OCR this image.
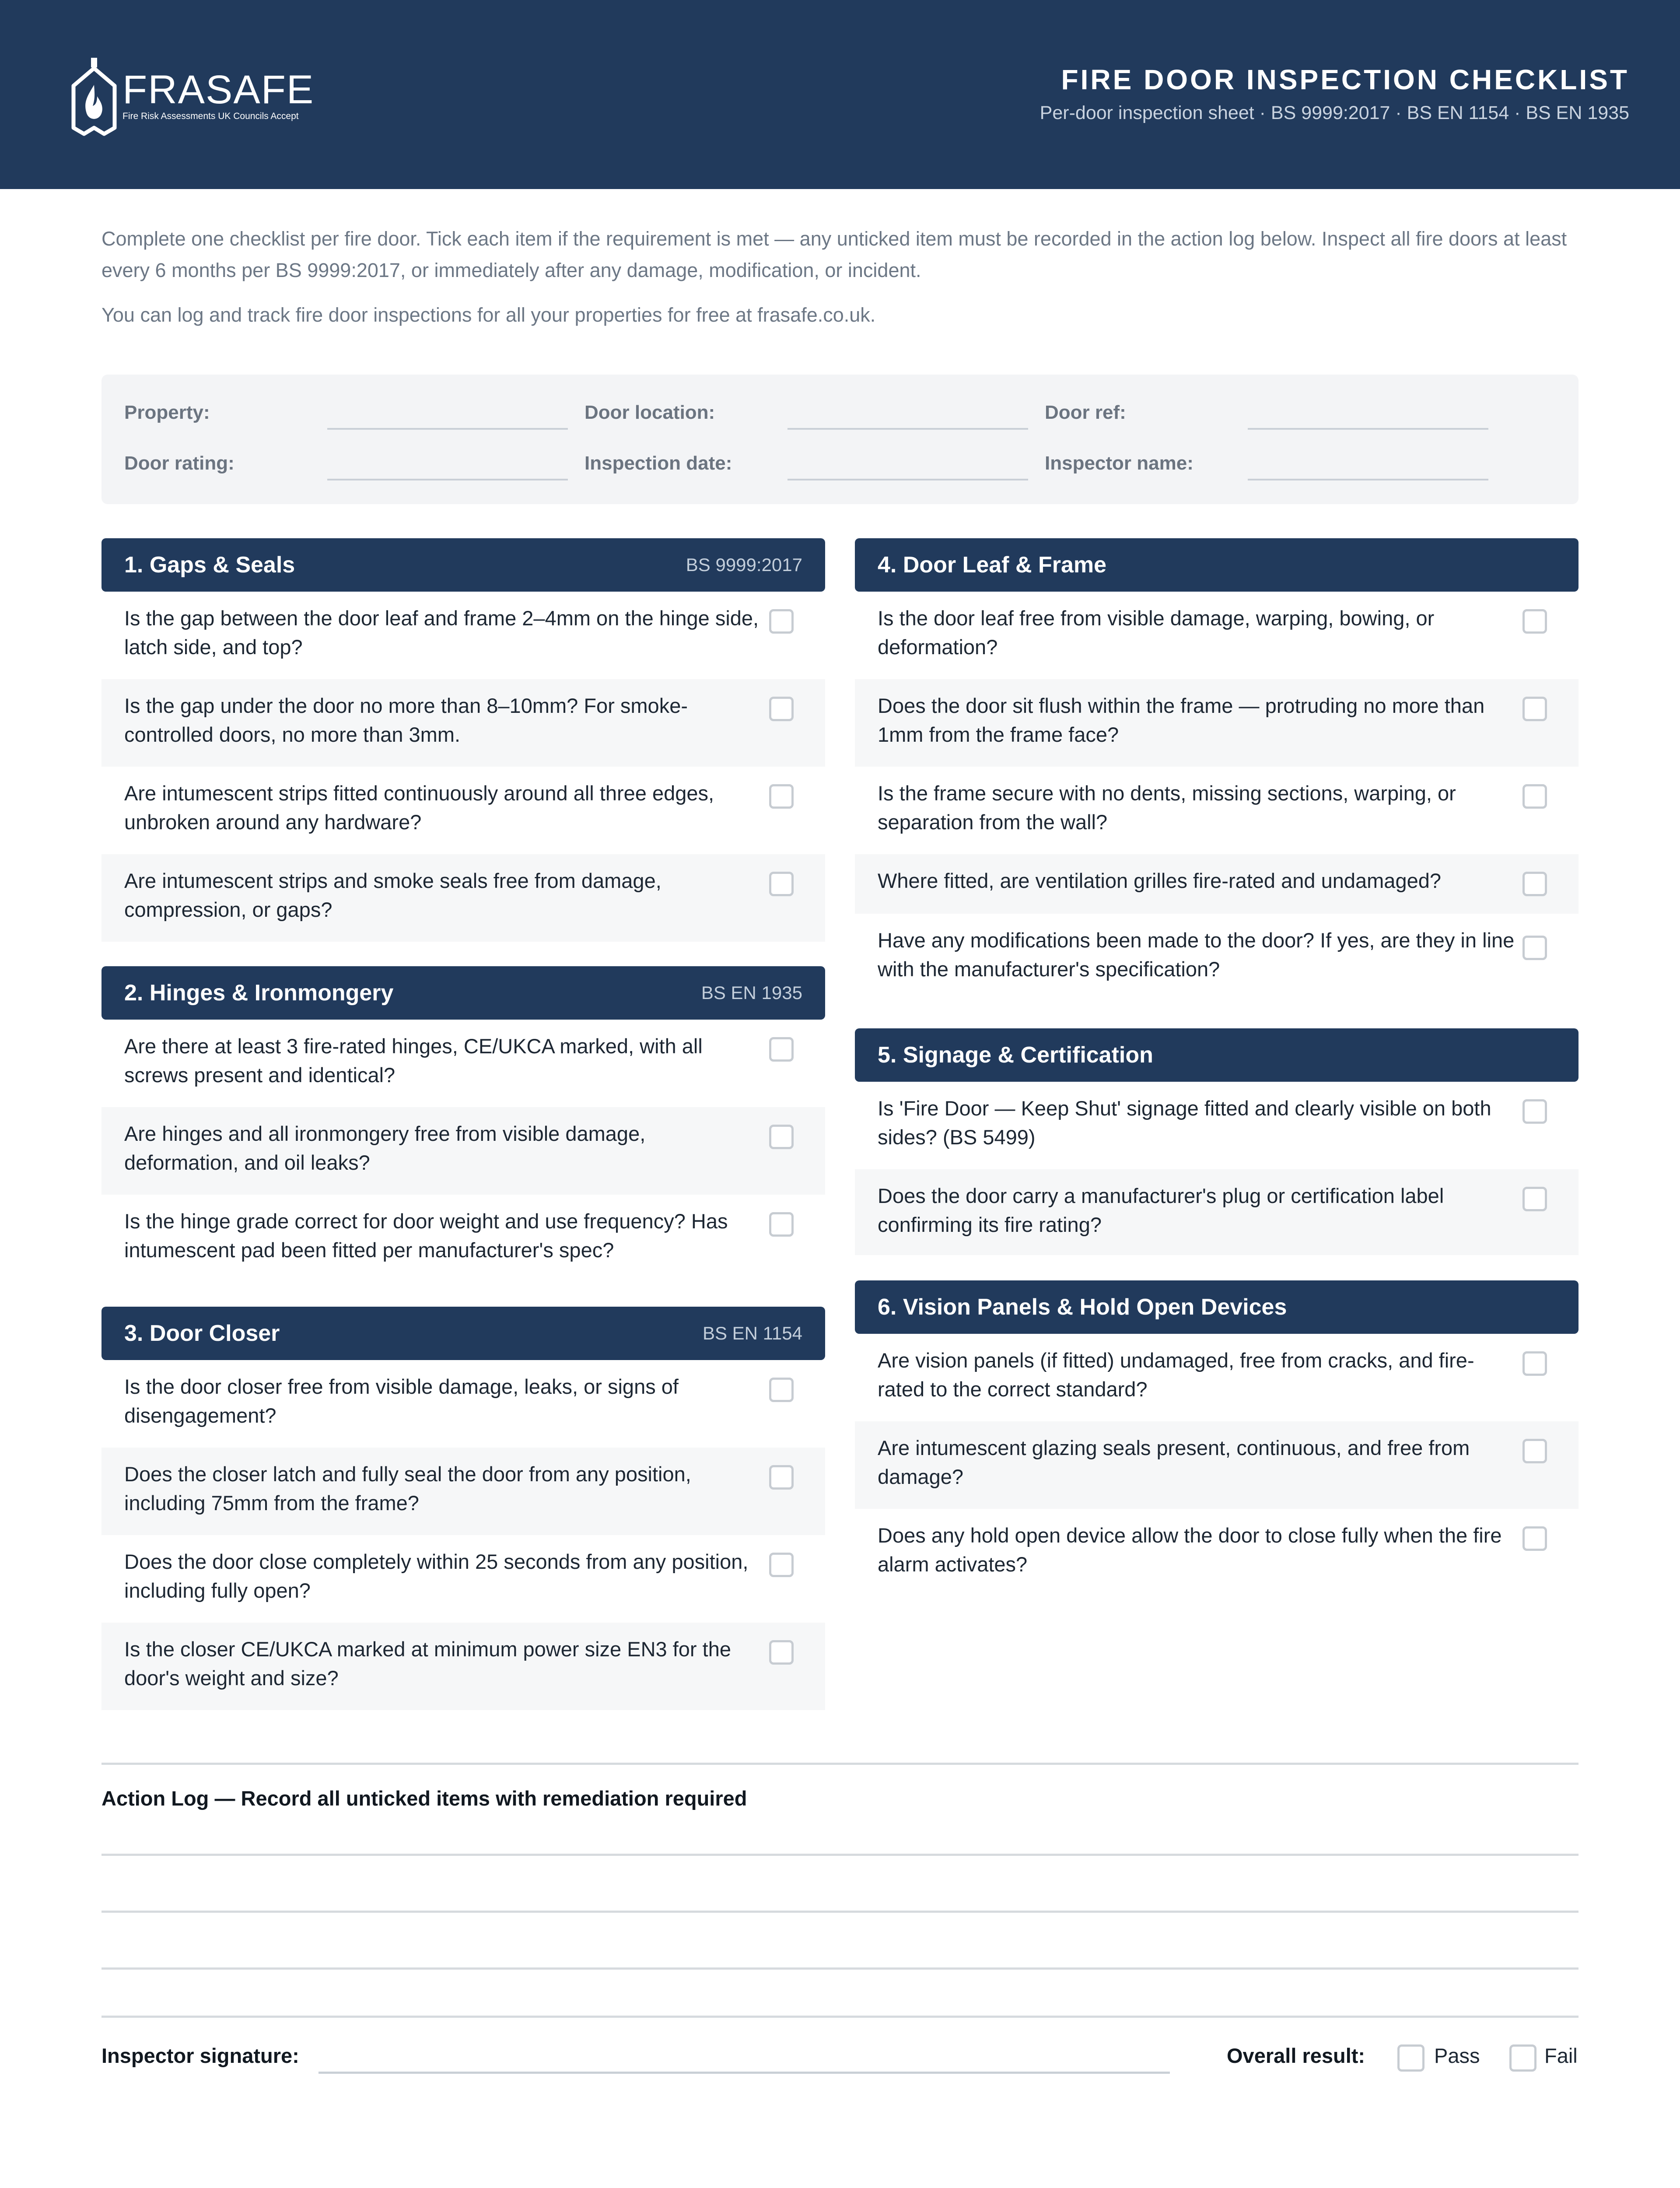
FRASAFE
Fire Risk Assessments UK Councils Accept
FIRE DOOR INSPECTION CHECKLIST
Per-door inspection sheet · BS 9999:2017 · BS EN 1154 · BS EN 1935
Complete one checklist per fire door. Tick each item if the requirement is met — any unticked item must be recorded in the action log below. Inspect all fire doors at least every 6 months per BS 9999:2017, or immediately after any damage, modification, or incident.
You can log and track fire door inspections for all your properties for free at frasafe.co.uk.
Property:	Door location:	Door ref:
Door rating:	Inspection date:	Inspector name:
1. Gaps & Seals	BS 9999:2017
Is the gap between the door leaf and frame 2–4mm on the hinge side, latch side, and top?
Is the gap under the door no more than 8–10mm? For smoke-controlled doors, no more than 3mm.
Are intumescent strips fitted continuously around all three edges, unbroken around any hardware?
Are intumescent strips and smoke seals free from damage, compression, or gaps?
2. Hinges & Ironmongery	BS EN 1935
Are there at least 3 fire-rated hinges, CE/UKCA marked, with all screws present and identical?
Are hinges and all ironmongery free from visible damage, deformation, and oil leaks?
Is the hinge grade correct for door weight and use frequency? Has intumescent pad been fitted per manufacturer's spec?
3. Door Closer	BS EN 1154
Is the door closer free from visible damage, leaks, or signs of disengagement?
Does the closer latch and fully seal the door from any position, including 75mm from the frame?
Does the door close completely within 25 seconds from any position, including fully open?
Is the closer CE/UKCA marked at minimum power size EN3 for the door's weight and size?
4. Door Leaf & Frame
Is the door leaf free from visible damage, warping, bowing, or deformation?
Does the door sit flush within the frame — protruding no more than 1mm from the frame face?
Is the frame secure with no dents, missing sections, warping, or separation from the wall?
Where fitted, are ventilation grilles fire-rated and undamaged?
Have any modifications been made to the door? If yes, are they in line with the manufacturer's specification?
5. Signage & Certification
Is 'Fire Door — Keep Shut' signage fitted and clearly visible on both sides? (BS 5499)
Does the door carry a manufacturer's plug or certification label confirming its fire rating?
6. Vision Panels & Hold Open Devices
Are vision panels (if fitted) undamaged, free from cracks, and fire-rated to the correct standard?
Are intumescent glazing seals present, continuous, and free from damage?
Does any hold open device allow the door to close fully when the fire alarm activates?
Action Log — Record all unticked items with remediation required
Inspector signature:	Overall result:	Pass	Fail
